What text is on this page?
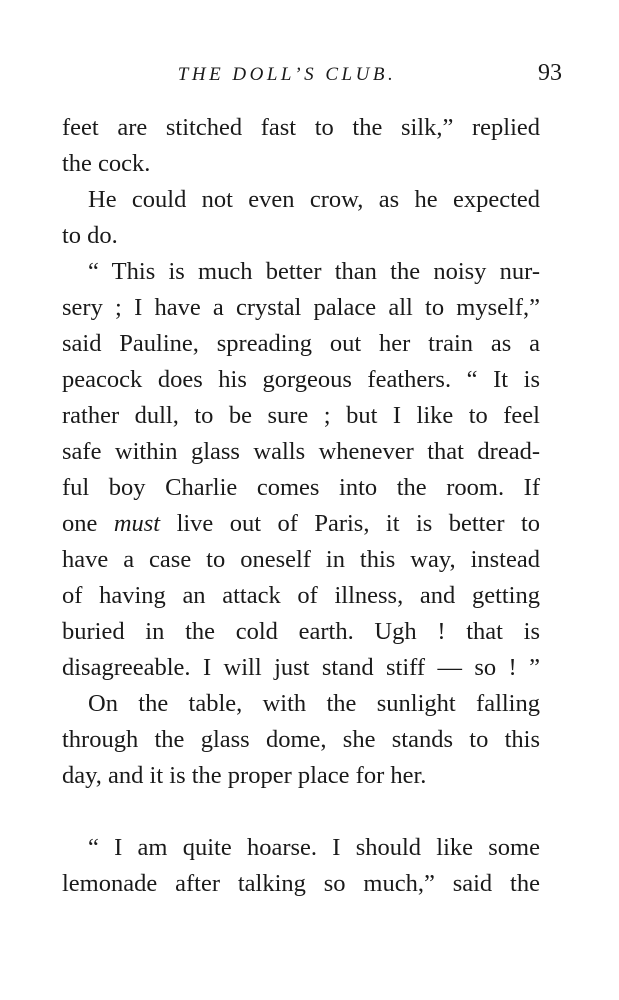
THE DOLL’S CLUB.	93
feet are stitched fast to the silk,” replied
the cock.
He could not even crow, as he expected
to do.
“ This is much better than the noisy nur-
sery ; I have a crystal palace all to myself,”
said Pauline, spreading out her train as a
peacock does his gorgeous feathers. “ It is
rather dull, to be sure ; but I like to feel
safe within glass walls whenever that dread-
ful boy Charlie comes into the room. If
one must live out of Paris, it is better to
have a case to oneself in this way, instead
of having an attack of illness, and getting
buried in the cold earth. Ugh ! that is
disagreeable. I will just stand stiff — so ! ”
On the table, with the sunlight falling
through the glass dome, she stands to this
day, and it is the proper place for her.
“ I am quite hoarse. I should like some
lemonade after talking so much,” said the
